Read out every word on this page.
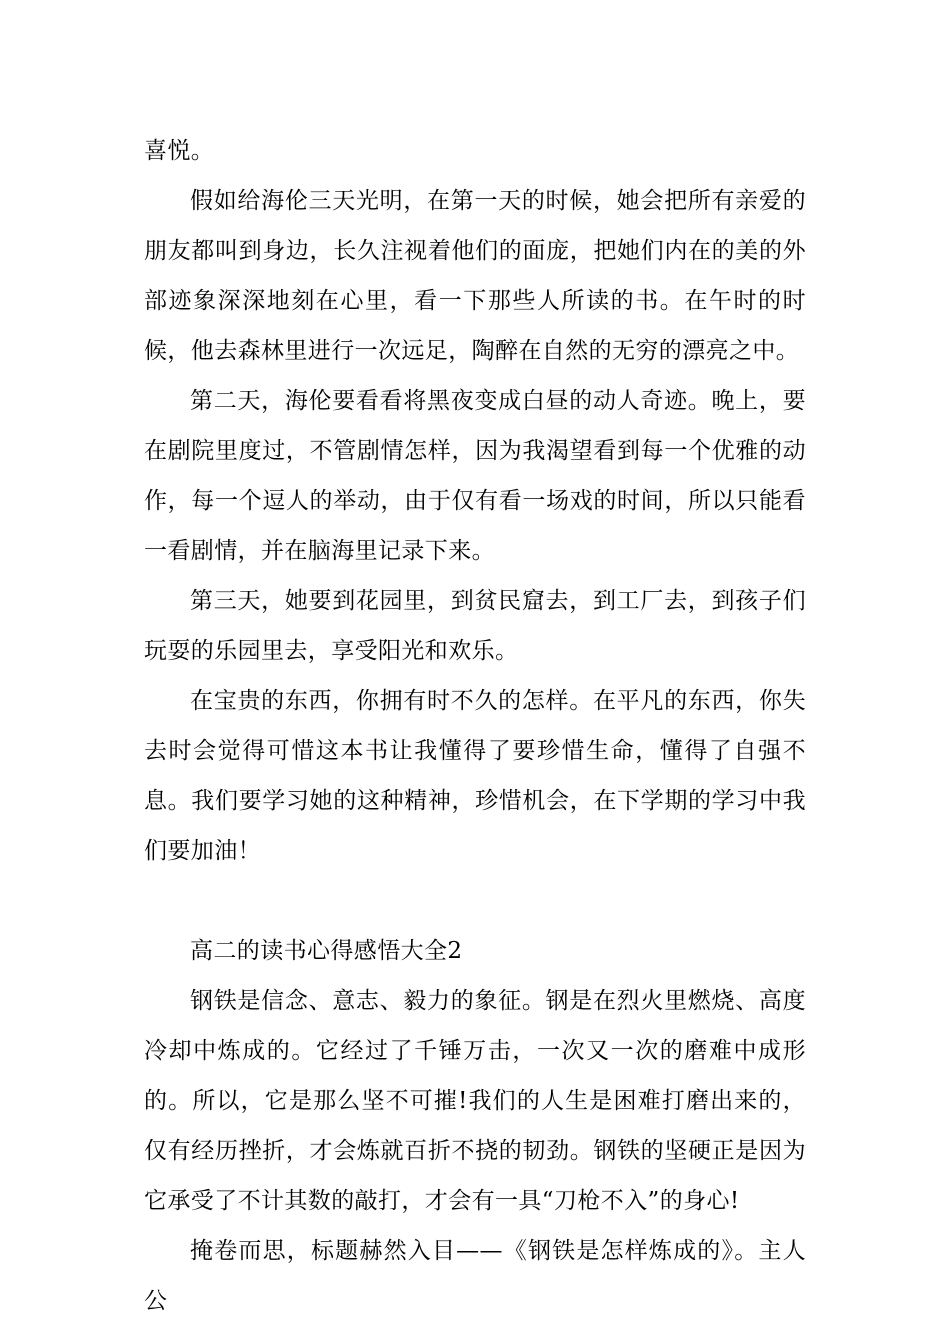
喜悦。

假如给海伦三天光明，在第一天的时候，她会把所有亲爱的朋友都叫到身边，长久注视着他们的面庞，把她们内在的美的外部迹象深深地刻在心里，看一下那些人所读的书。在午时的时候，他去森林里进行一次远足，陶醉在自然的无穷的漂亮之中。

第二天，海伦要看看将黑夜变成白昼的动人奇迹。晚上，要在剧院里度过，不管剧情怎样，因为我渴望看到每一个优雅的动作，每一个逗人的举动，由于仅有看一场戏的时间，所以只能看一看剧情，并在脑海里记录下来。

第三天，她要到花园里，到贫民窟去，到工厂去，到孩子们玩耍的乐园里去，享受阳光和欢乐。

在宝贵的东西，你拥有时不久的怎样。在平凡的东西，你失去时会觉得可惜这本书让我懂得了要珍惜生命，懂得了自强不息。我们要学习她的这种精神，珍惜机会，在下学期的学习中我们要加油！

高二的读书心得感悟大全2

钢铁是信念、意志、毅力的象征。钢是在烈火里燃烧、高度冷却中炼成的。它经过了千锤万击，一次又一次的磨难中成形的。所以，它是那么坚不可摧!我们的人生是困难打磨出来的，仅有经历挫折，才会炼就百折不挠的韧劲。钢铁的坚硬正是因为它承受了不计其数的敲打，才会有一具“刀枪不入”的身心!

掩卷而思，标题赫然入目——《钢铁是怎样炼成的》。主人公
